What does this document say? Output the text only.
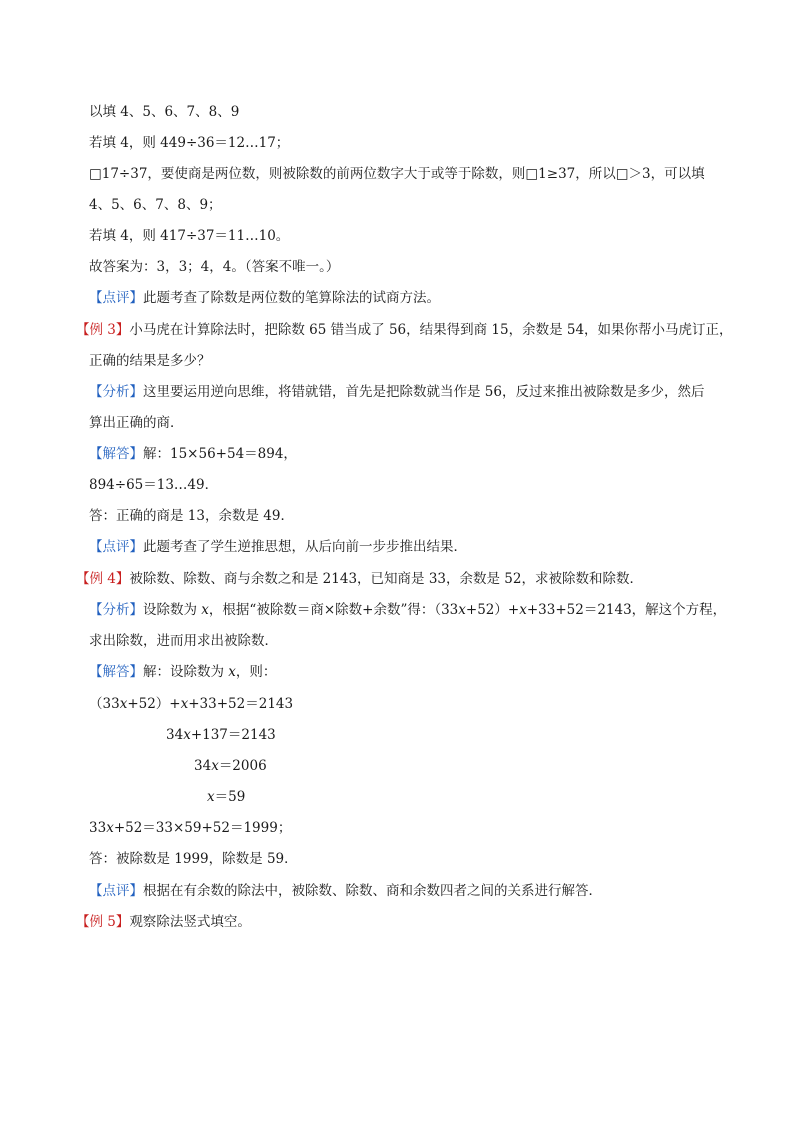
以填 4、5、6、7、8、9
若填 4，则 449÷36＝12…17；
□17÷37，要使商是两位数，则被除数的前两位数字大于或等于除数，则□1≥37，所以□＞3，可以填
4、5、6、7、8、9；
若填 4，则 417÷37＝11…10。
故答案为：3，3；4，4。（答案不唯一。）
【点评】此题考查了除数是两位数的笔算除法的试商方法。
【例 3】小马虎在计算除法时，把除数 65 错当成了 56，结果得到商 15，余数是 54，如果你帮小马虎订正，
正确的结果是多少？
【分析】这里要运用逆向思维，将错就错，首先是把除数就当作是 56，反过来推出被除数是多少，然后
算出正确的商．
【解答】解：15×56+54＝894，
894÷65＝13…49．
答：正确的商是 13，余数是 49．
【点评】此题考查了学生逆推思想，从后向前一步步推出结果．
【例 4】被除数、除数、商与余数之和是 2143，已知商是 33，余数是 52，求被除数和除数．
【分析】设除数为 x，根据“被除数＝商×除数+余数”得：（33x+52）+x+33+52＝2143，解这个方程，
求出除数，进而用求出被除数．
【解答】解：设除数为 x，则：
（33x+52）+x+33+52＝2143
34x+137＝2143
34x＝2006
x＝59
33x+52＝33×59+52＝1999；
答：被除数是 1999，除数是 59．
【点评】根据在有余数的除法中，被除数、除数、商和余数四者之间的关系进行解答．
【例 5】观察除法竖式填空。
